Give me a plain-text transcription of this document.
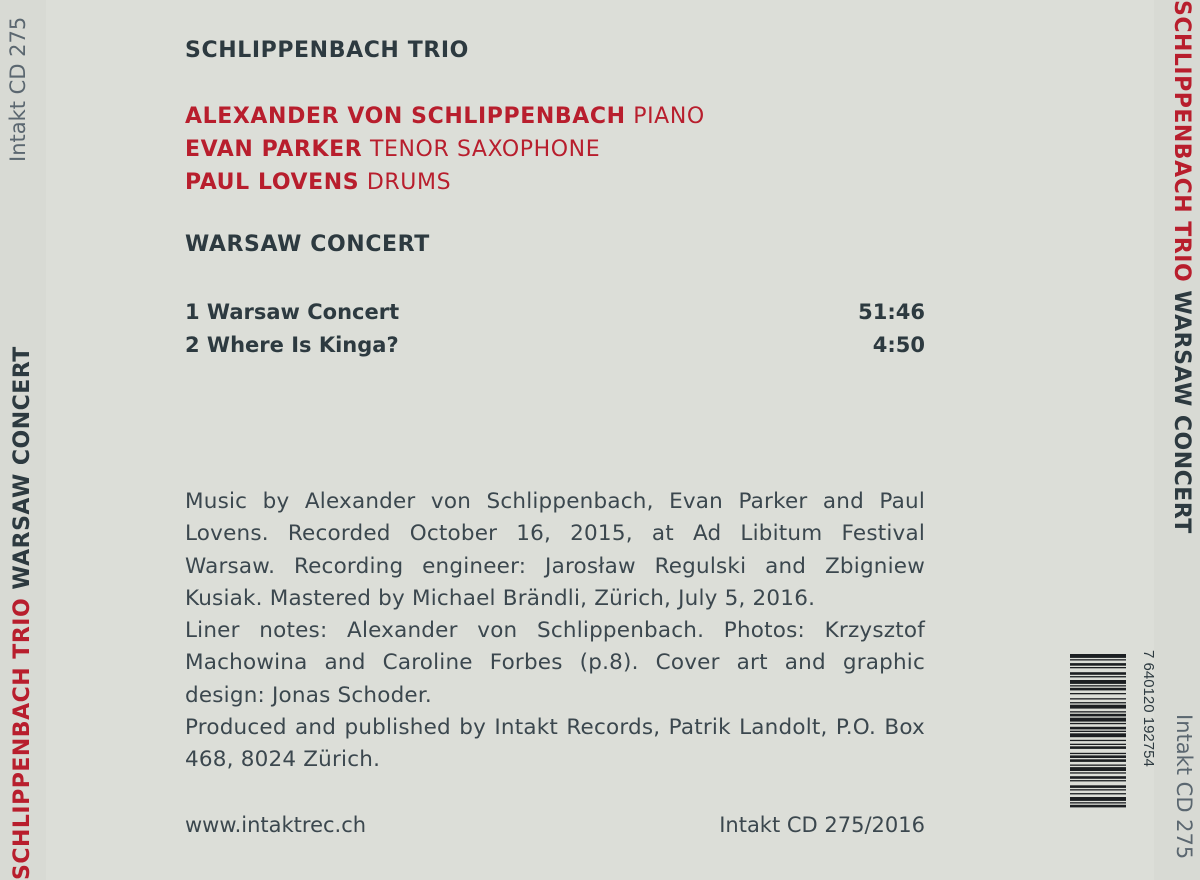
Intakt CD 275
SCHLIPPENBACH TRIO WARSAW CONCERT
SCHLIPPENBACH TRIO WARSAW CONCERT
Intakt CD 275
SCHLIPPENBACH TRIO
ALEXANDER VON SCHLIPPENBACH PIANO
EVAN PARKER TENOR SAXOPHONE
PAUL LOVENS DRUMS
WARSAW CONCERT
1 Warsaw Concert	51:46
2 Where Is Kinga?	4:50

Music by Alexander von Schlippenbach, Evan Parker and Paul Lovens. Recorded October 16, 2015, at Ad Libitum Festival Warsaw. Recording engineer: Jarosław Regulski and Zbigniew Kusiak. Mastered by Michael Brändli, Zürich, July 5, 2016.

Liner notes: Alexander von Schlippenbach. Photos: Krzysztof Machowina and Caroline Forbes (p.8). Cover art and graphic design: Jonas Schoder.

Produced and published by Intakt Records, Patrik Landolt, P.O. Box 468, 8024 Zürich.

www.intaktrec.ch	Intakt CD 275/2016
7 640120 192754
